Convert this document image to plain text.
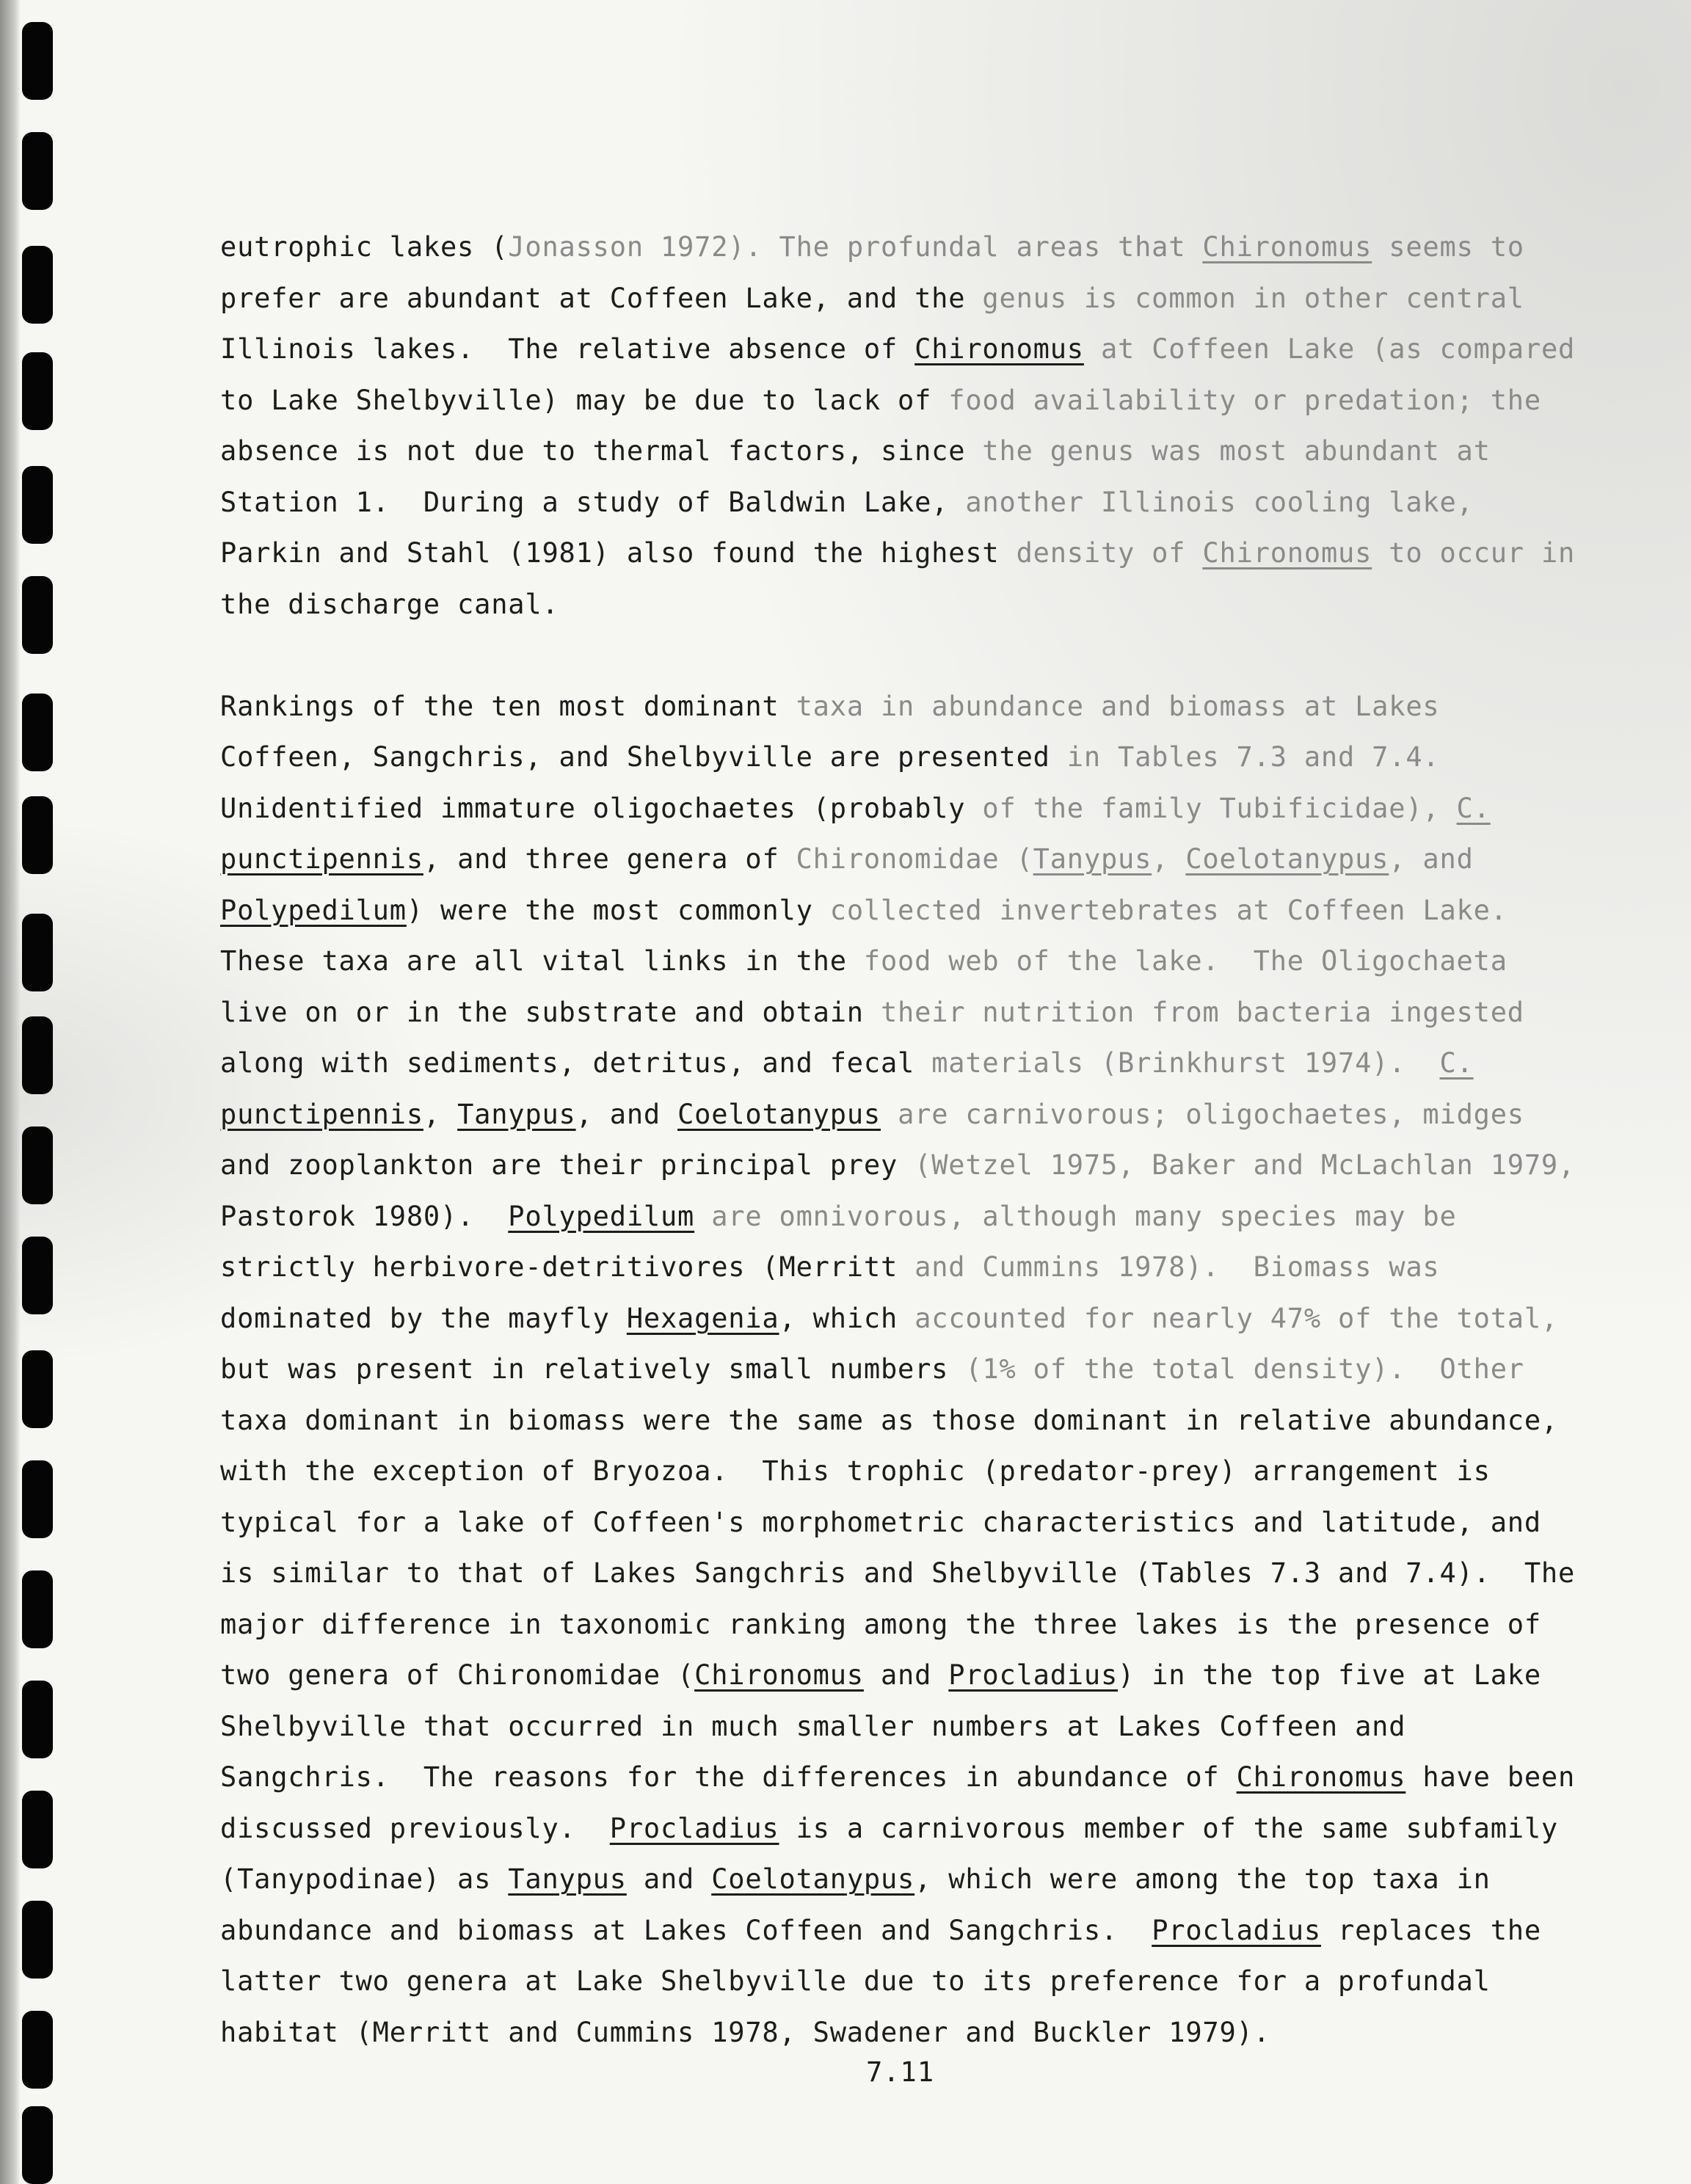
eutrophic lakes (Jonasson 1972). The profundal areas that Chironomus seems to
prefer are abundant at Coffeen Lake, and the genus is common in other central
Illinois lakes.  The relative absence of Chironomus at Coffeen Lake (as compared
to Lake Shelbyville) may be due to lack of food availability or predation; the
absence is not due to thermal factors, since the genus was most abundant at
Station 1.  During a study of Baldwin Lake, another Illinois cooling lake,
Parkin and Stahl (1981) also found the highest density of Chironomus to occur in
the discharge canal.

Rankings of the ten most dominant taxa in abundance and biomass at Lakes
Coffeen, Sangchris, and Shelbyville are presented in Tables 7.3 and 7.4.
Unidentified immature oligochaetes (probably of the family Tubificidae), C.
punctipennis, and three genera of Chironomidae (Tanypus, Coelotanypus, and
Polypedilum) were the most commonly collected invertebrates at Coffeen Lake.
These taxa are all vital links in the food web of the lake.  The Oligochaeta
live on or in the substrate and obtain their nutrition from bacteria ingested
along with sediments, detritus, and fecal materials (Brinkhurst 1974).  C.
punctipennis, Tanypus, and Coelotanypus are carnivorous; oligochaetes, midges
and zooplankton are their principal prey (Wetzel 1975, Baker and McLachlan 1979,
Pastorok 1980).  Polypedilum are omnivorous, although many species may be
strictly herbivore-detritivores (Merritt and Cummins 1978).  Biomass was
dominated by the mayfly Hexagenia, which accounted for nearly 47% of the total,
but was present in relatively small numbers (1% of the total density).  Other
taxa dominant in biomass were the same as those dominant in relative abundance,
with the exception of Bryozoa.  This trophic (predator-prey) arrangement is
typical for a lake of Coffeen's morphometric characteristics and latitude, and
is similar to that of Lakes Sangchris and Shelbyville (Tables 7.3 and 7.4).  The
major difference in taxonomic ranking among the three lakes is the presence of
two genera of Chironomidae (Chironomus and Procladius) in the top five at Lake
Shelbyville that occurred in much smaller numbers at Lakes Coffeen and
Sangchris.  The reasons for the differences in abundance of Chironomus have been
discussed previously.  Procladius is a carnivorous member of the same subfamily
(Tanypodinae) as Tanypus and Coelotanypus, which were among the top taxa in
abundance and biomass at Lakes Coffeen and Sangchris.  Procladius replaces the
latter two genera at Lake Shelbyville due to its preference for a profundal
habitat (Merritt and Cummins 1978, Swadener and Buckler 1979).

7.11
